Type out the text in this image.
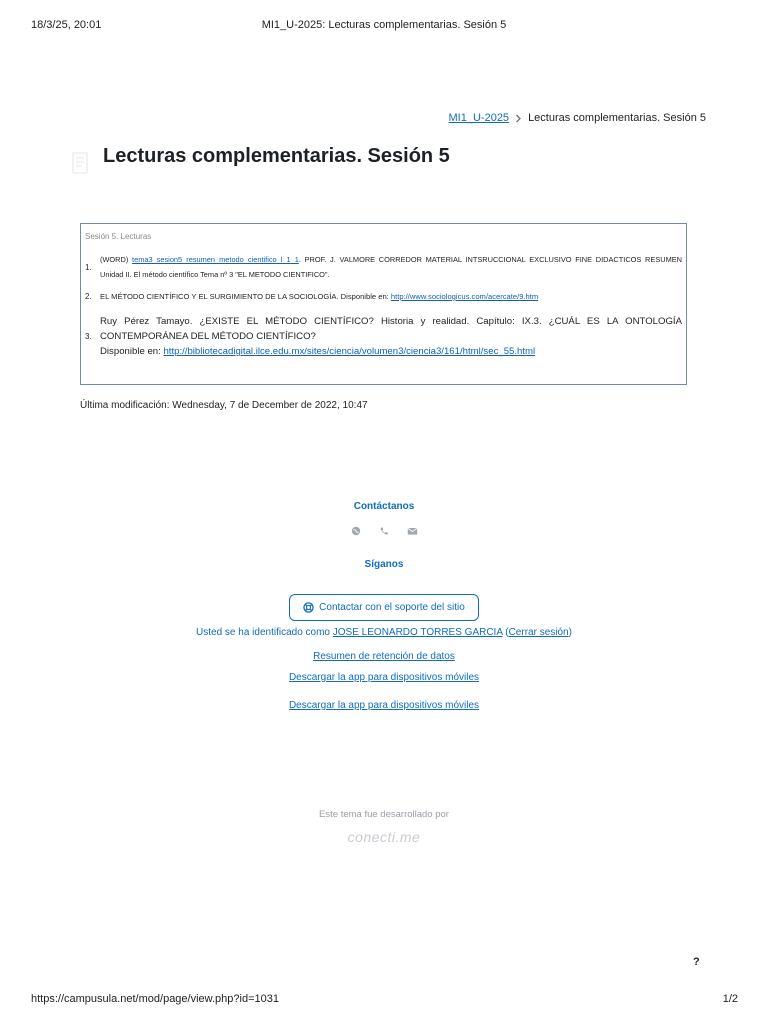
18/3/25, 20:01	MI1_U-2025: Lecturas complementarias. Sesión 5
MI1_U-2025 Lecturas complementarias. Sesión 5
Lecturas complementarias. Sesión 5
Sesión 5. Lecturas
1.
(WORD) tema3_sesion5_resumen_metodo_cientifico_l_1_1. PROF. J. VALMORE CORREDOR MATERIAL INTSRUCCIONAL EXCLUSIVO FINE DIDACTICOS RESUMEN Unidad II. El método científico Tema nº 3 "EL METODO CIENTIFICO".
2.	EL MÉTODO CIENTÍFICO Y EL SURGIMIENTO DE LA SOCIOLOGÍA. Disponible en: http://www.sociologicus.com/acercate/9.htm
3.
Ruy Pérez Tamayo. ¿EXISTE EL MÉTODO CIENTÍFICO? Historia y realidad. Capítulo: IX.3. ¿CUÁL ES LA ONTOLOGÍA CONTEMPORÁNEA DEL MÉTODO CIENTÍFICO?

Disponible en: http://bibliotecadigital.ilce.edu.mx/sites/ciencia/volumen3/ciencia3/161/html/sec_55.html
Última modificación: Wednesday, 7 de December de 2022, 10:47
Contáctanos
Síganos
Contactar con el soporte del sitio
Usted se ha identificado como JOSE LEONARDO TORRES GARCIA (Cerrar sesión)
Resumen de retención de datos
Descargar la app para dispositivos móviles
Descargar la app para dispositivos móviles
Este tema fue desarrollado por
conecti.me
?
https://campusula.net/mod/page/view.php?id=1031	1/2
